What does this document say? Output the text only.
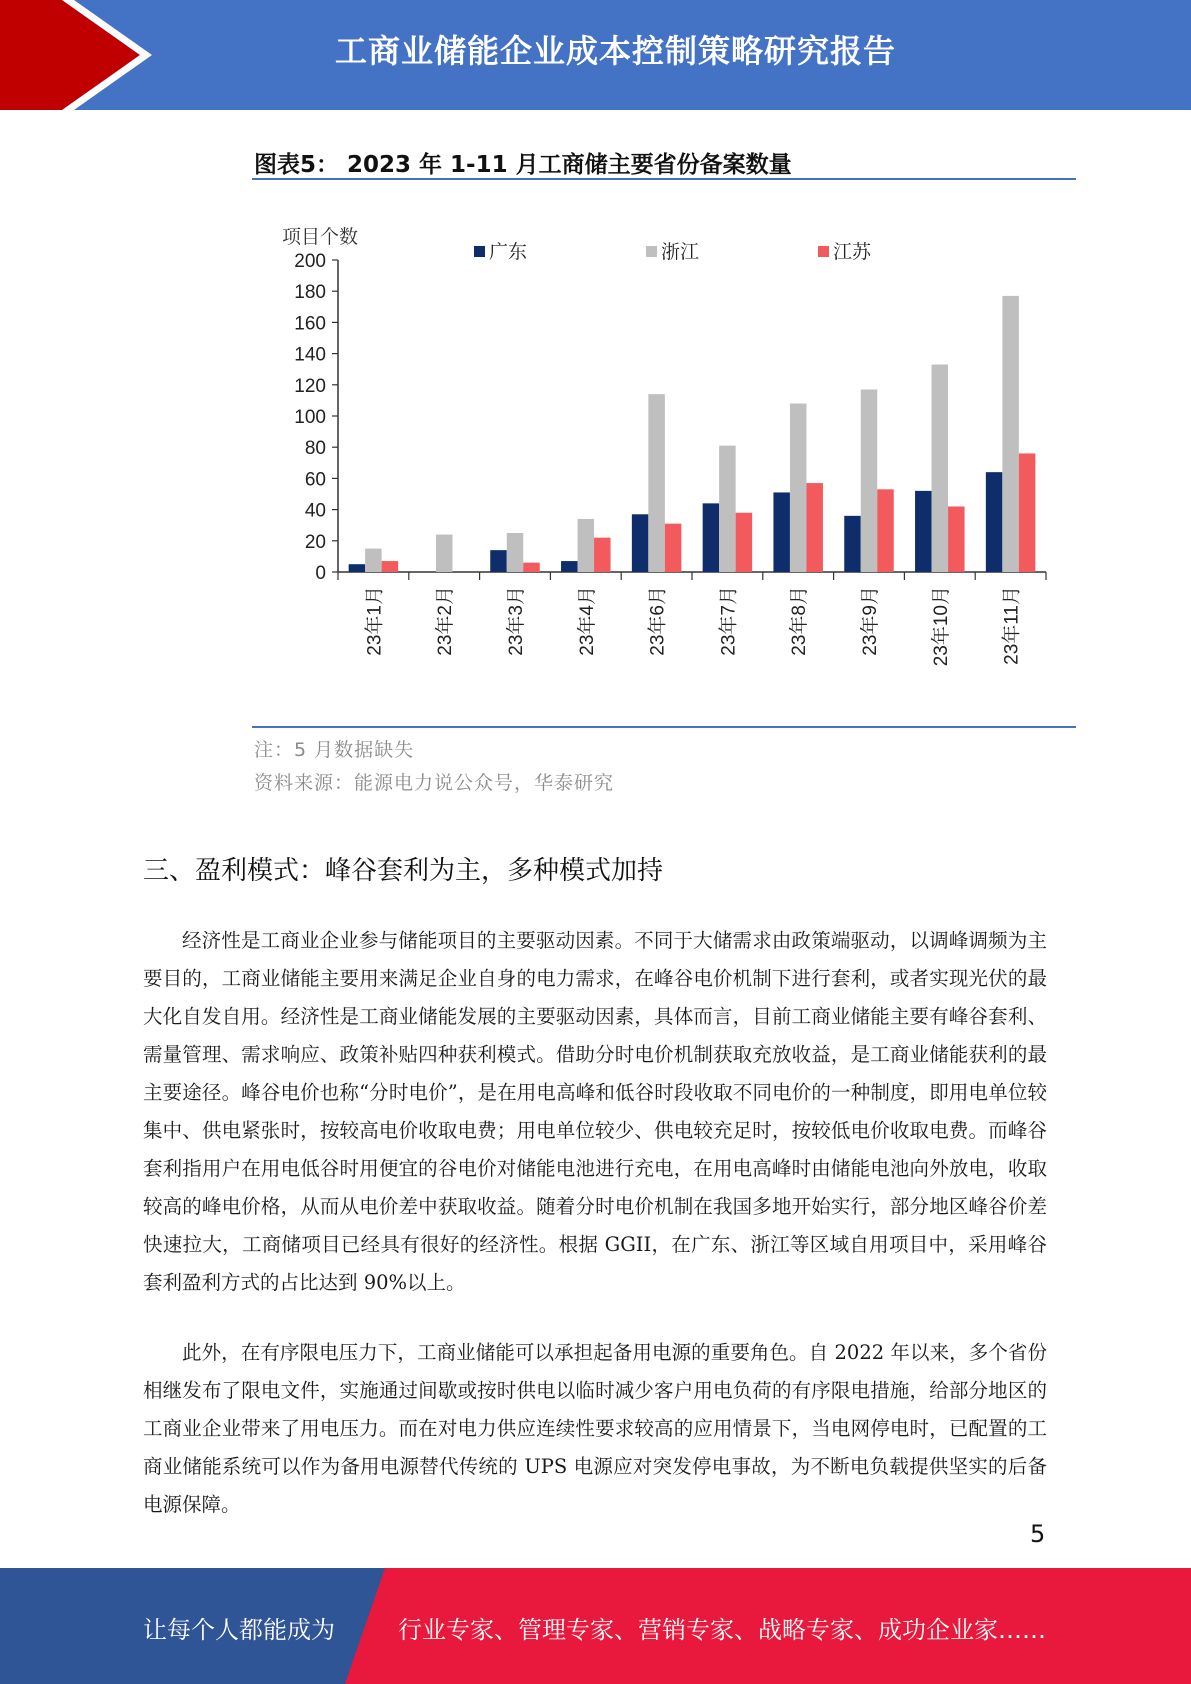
工商业储能企业成本控制策略研究报告
图表5： 2023 年 1-11 月工商储主要省份备案数量
项目个数
0
20
40
60
80
100
120
140
160
180
200
23年1月	23年2月	23年3月	23年4月	23年6月	23年7月	23年8月	23年9月	23年10月	23年11月
广东	浙江	江苏
注：5 月数据缺失
资料来源：能源电力说公众号，华泰研究
三、盈利模式：峰谷套利为主，多种模式加持

经济性是工商业企业参与储能项目的主要驱动因素。不同于大储需求由政策端驱动，以调峰调频为主要目的，工商业储能主要用来满足企业自身的电力需求，在峰谷电价机制下进行套利，或者实现光伏的最大化自发自用。经济性是工商业储能发展的主要驱动因素，具体而言，目前工商业储能主要有峰谷套利、需量管理、需求响应、政策补贴四种获利模式。借助分时电价机制获取充放收益，是工商业储能获利的最主要途径。峰谷电价也称“分时电价”，是在用电高峰和低谷时段收取不同电价的一种制度，即用电单位较集中、供电紧张时，按较高电价收取电费；用电单位较少、供电较充足时，按较低电价收取电费。而峰谷套利指用户在用电低谷时用便宜的谷电价对储能电池进行充电，在用电高峰时由储能电池向外放电，收取较高的峰电价格，从而从电价差中获取收益。随着分时电价机制在我国多地开始实行，部分地区峰谷价差快速拉大，工商储项目已经具有很好的经济性。根据 GGII，在广东、浙江等区域自用项目中，采用峰谷套利盈利方式的占比达到 90%以上。

此外，在有序限电压力下，工商业储能可以承担起备用电源的重要角色。自 2022 年以来，多个省份相继发布了限电文件，实施通过间歇或按时供电以临时减少客户用电负荷的有序限电措施，给部分地区的工商业企业带来了用电压力。而在对电力供应连续性要求较高的应用情景下，当电网停电时，已配置的工商业储能系统可以作为备用电源替代传统的 UPS 电源应对突发停电事故，为不断电负载提供坚实的后备电源保障。

5
让每个人都能成为	行业专家、管理专家、营销专家、战略专家、成功企业家……
